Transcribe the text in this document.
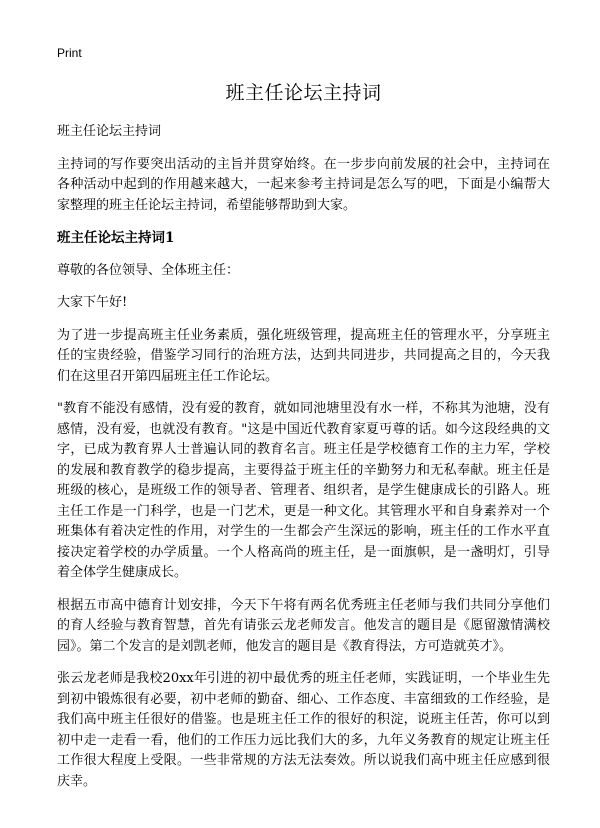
Print
班主任论坛主持词

班主任论坛主持词

主持词的写作要突出活动的主旨并贯穿始终。在一步步向前发展的社会中，主持词在各种活动中起到的作用越来越大，一起来参考主持词是怎么写的吧，下面是小编帮大家整理的班主任论坛主持词，希望能够帮助到大家。

班主任论坛主持词1

尊敬的各位领导、全体班主任：

大家下午好!

为了进一步提高班主任业务素质，强化班级管理，提高班主任的管理水平，分享班主任的宝贵经验，借鉴学习同行的治班方法，达到共同进步，共同提高之目的，今天我们在这里召开第四届班主任工作论坛。

"教育不能没有感情，没有爱的教育，就如同池塘里没有水一样，不称其为池塘，没有感情，没有爱，也就没有教育。"这是中国近代教育家夏丏尊的话。如今这段经典的文字，已成为教育界人士普遍认同的教育名言。班主任是学校德育工作的主力军，学校的发展和教育教学的稳步提高，主要得益于班主任的辛勤努力和无私奉献。班主任是班级的核心，是班级工作的领导者、管理者、组织者，是学生健康成长的引路人。班主任工作是一门科学，也是一门艺术，更是一种文化。其管理水平和自身素养对一个班集体有着决定性的作用，对学生的一生都会产生深远的影响，班主任的工作水平直接决定着学校的办学质量。一个人格高尚的班主任，是一面旗帜，是一盏明灯，引导着全体学生健康成长。

根据五市高中德育计划安排，今天下午将有两名优秀班主任老师与我们共同分享他们的育人经验与教育智慧，首先有请张云龙老师发言。他发言的题目是《愿留激情满校园》。第二个发言的是刘凯老师，他发言的题目是《教育得法，方可造就英才》。

张云龙老师是我校20xx年引进的初中最优秀的班主任老师，实践证明，一个毕业生先到初中锻炼很有必要，初中老师的勤奋、细心、工作态度、丰富细致的工作经验，是我们高中班主任很好的借鉴。也是班主任工作的很好的积淀，说班主任苦，你可以到初中走一走看一看，他们的工作压力远比我们大的多，九年义务教育的规定让班主任工作很大程度上受限。一些非常规的方法无法奏效。所以说我们高中班主任应感到很庆幸。
